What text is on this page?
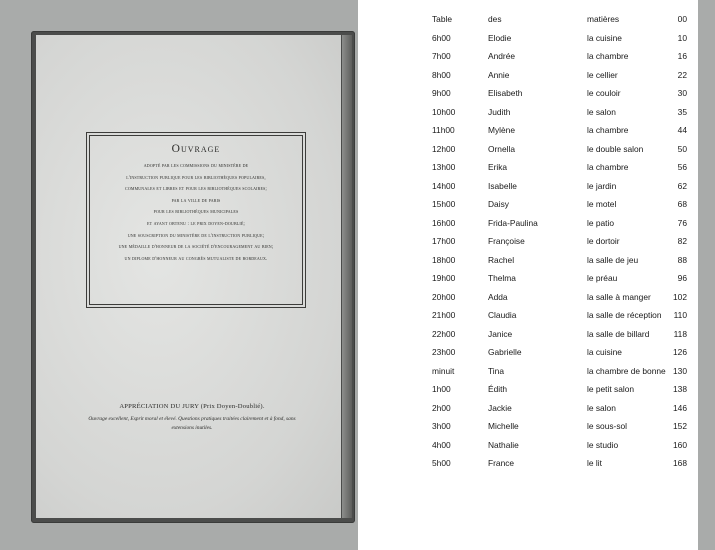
Ouvrage
adopté par les commissions du ministère de
l'instruction publique pour les bibliothèques populaires,
communales et libres et pour les bibliothèques scolaires;
par la ville de paris
pour les bibliothèques municipales
et ayant obtenu : le prix doyen-doublié;
une souscription du ministère de l'instruction publique;
une médaille d'honneur de la société d'encouragement au bien;
un diplome d'honneur au congrès mutualiste de bordeaux.
APPRÉCIATION DU JURY (Prix Doyen-Doublié).
Ouvrage excellent, Esprit moral et élevé. Questions pratiques traitées clairement et à fond, sans extensions inutiles.
Table	des	matières	00
6h00	Elodie	la cuisine	10
7h00	Andrée	la chambre	16
8h00	Annie	le cellier	22
9h00	Elisabeth	le couloir	30
10h00	Judith	le salon	35
11h00	Mylène	la chambre	44
12h00	Ornella	le double salon	50
13h00	Erika	la chambre	56
14h00	Isabelle	le jardin	62
15h00	Daisy	le motel	68
16h00	Frida-Paulina	le patio	76
17h00	Françoise	le dortoir	82
18h00	Rachel	la salle de jeu	88
19h00	Thelma	le préau	96
20h00	Adda	la salle à manger	102
21h00	Claudia	la salle de réception 110
22h00	Janice	la salle de billard	118
23h00	Gabrielle	la cuisine	126
minuit	Tina	la chambre de bonne 130
1h00	Édith	le petit salon	138
2h00	Jackie	le salon	146
3h00	Michelle	le sous-sol	152
4h00	Nathalie	le studio	160
5h00	France	le lit	168
